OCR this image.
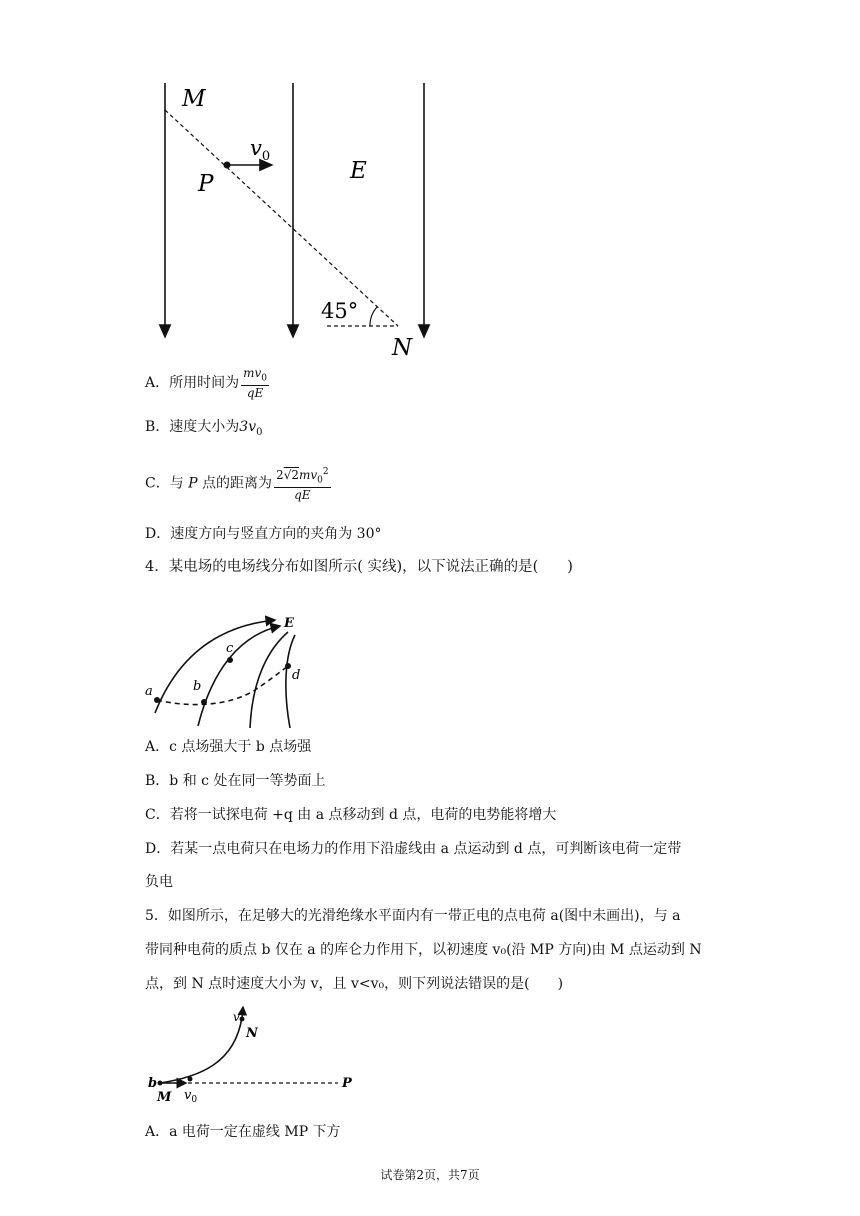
M
P
$v_0$
E
45°
N
A．所用时间为 $\frac{mv_0}{qE}$
B．速度大小为$3v_0$
C．与 P 点的距离为 $\frac{2√2mv_0^2}{qE}$
D．速度方向与竖直方向的夹角为 30°
4．某电场的电场线分布如图所示( 实线)，以下说法正确的是(　　)
E
a	b
c
d
A．c 点场强大于 b 点场强
B．b 和 c 处在同一等势面上
C．若将一试探电荷 +q 由 a 点移动到 d 点，电荷的电势能将增大
D．若某一点电荷只在电场力的作用下沿虚线由 a 点运动到 d 点，可判断该电荷一定带
负电
5．如图所示，在足够大的光滑绝缘水平面内有一带正电的点电荷 a(图中未画出)，与 a
带同种电荷的质点 b 仅在 a 的库仑力作用下，以初速度 v₀(沿 MP 方向)由 M 点运动到 N
点，到 N 点时速度大小为 v，且 v<v₀，则下列说法错误的是(　　)
v
N
b
M $v_0$
P
A．a 电荷一定在虚线 MP 下方
试卷第2页，共7页
